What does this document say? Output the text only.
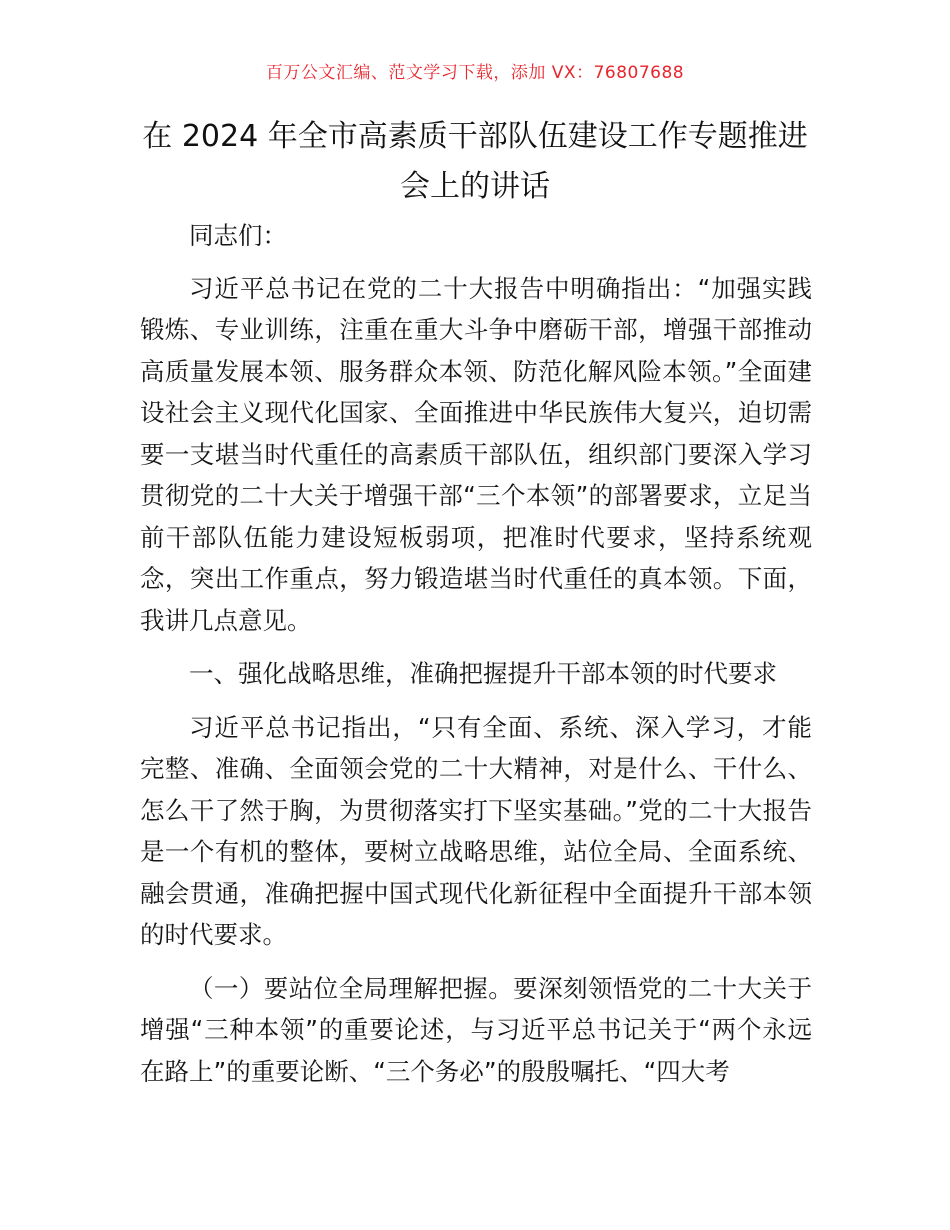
百万公文汇编、范文学习下载，添加 VX：76807688
在 2024 年全市高素质干部队伍建设工作专题推进会上的讲话

同志们：

习近平总书记在党的二十大报告中明确指出：“加强实践锻炼、专业训练，注重在重大斗争中磨砺干部，增强干部推动高质量发展本领、服务群众本领、防范化解风险本领。”全面建设社会主义现代化国家、全面推进中华民族伟大复兴，迫切需要一支堪当时代重任的高素质干部队伍，组织部门要深入学习贯彻党的二十大关于增强干部“三个本领”的部署要求，立足当前干部队伍能力建设短板弱项，把准时代要求，坚持系统观念，突出工作重点，努力锻造堪当时代重任的真本领。下面，我讲几点意见。

一、强化战略思维，准确把握提升干部本领的时代要求

习近平总书记指出，“只有全面、系统、深入学习，才能完整、准确、全面领会党的二十大精神，对是什么、干什么、怎么干了然于胸，为贯彻落实打下坚实基础。”党的二十大报告是一个有机的整体，要树立战略思维，站位全局、全面系统、融会贯通，准确把握中国式现代化新征程中全面提升干部本领的时代要求。

（一）要站位全局理解把握。要深刻领悟党的二十大关于增强“三种本领”的重要论述，与习近平总书记关于“两个永远在路上”的重要论断、“三个务必”的殷殷嘱托、“四大考
